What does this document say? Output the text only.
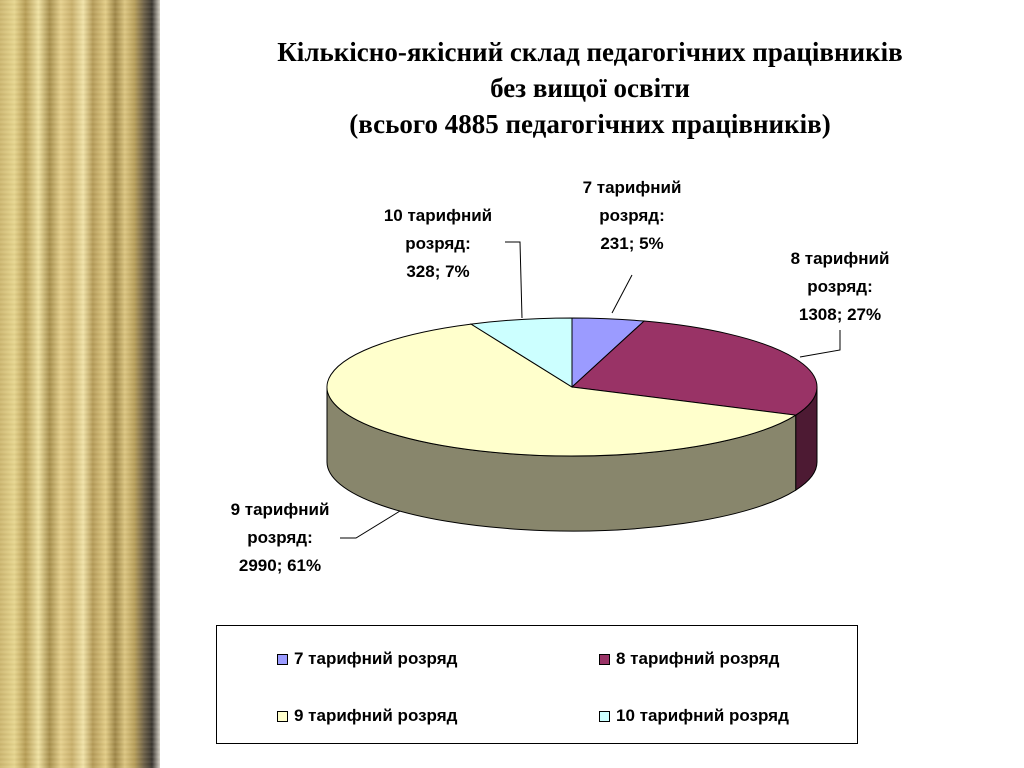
Кількісно-якісний склад педагогічних працівників
без вищої освіти
(всього 4885 педагогічних працівників)
7 тарифний
розряд:
231; 5%
8 тарифний
розряд:
1308; 27%
9 тарифний
розряд:
2990; 61%
10 тарифний
розряд:
328; 7%
7 тарифний розряд	8 тарифний розряд
9 тарифний розряд	10 тарифний розряд
